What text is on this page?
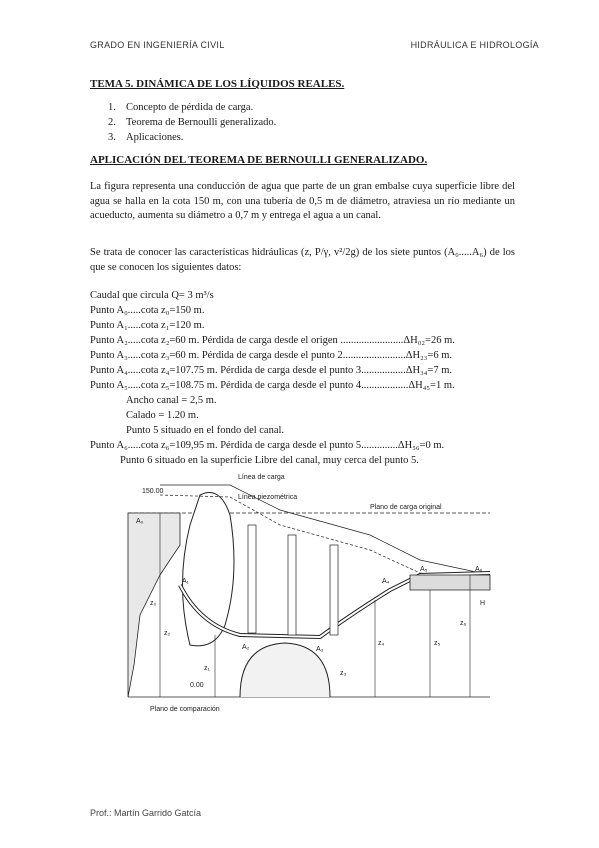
GRADO EN INGENIERÍA CIVIL	HIDRÁULICA E HIDROLOGÍA
TEMA 5. DINÁMICA DE LOS LÍQUIDOS REALES.
1. Concepto de pérdida de carga.
2. Teorema de Bernoulli generalizado.
3. Aplicaciones.
APLICACIÓN DEL TEOREMA DE BERNOULLI GENERALIZADO.
La figura representa una conducción de agua que parte de un gran embalse cuya superficie libre del agua se halla en la cota 150 m, con una tubería de 0,5 m de diámetro, atraviesa un río mediante un acueducto, aumenta su diámetro a 0,7 m y entrega el agua a un canal.
Se trata de conocer las características hidráulicas (z, P/γ, v²/2g) de los siete puntos (A₀.....A₆) de los que se conocen los siguientes datos:
Caudal que circula Q= 3 m³/s
Punto A₀.....cota z₀=150 m.
Punto A₁.....cota z₁=120 m.
Punto A₂.....cota z₂=60 m. Pérdida de carga desde el origen ........................ΔH₀₂=26 m.
Punto A₃.....cota z₃=60 m. Pérdida de carga desde el punto 2........................ΔH₂₃=6 m.
Punto A₄.....cota z₄=107.75 m. Pérdida de carga desde el punto 3.................ΔH₃₄=7 m.
Punto A₅.....cota z₅=108.75 m. Pérdida de carga desde el punto 4..................ΔH₄₅=1 m.
Ancho canal = 2,5 m.
Calado = 1.20 m.
Punto 5 situado en el fondo del canal.
Punto A₆.....cota z₆=109,95 m. Pérdida de carga desde el punto 5..............ΔH₅₆=0 m.
Punto 6 situado en la superficie Libre del canal, muy cerca del punto 5.
150.00
Línea de carga
Línea piezométrica
Plano de carga original
Plano de comparación
0.00
A₀
A₁
A₂	A₃
A₄
A₅	A₆
z₀
z₁
z₂
z₃
z₄	z₅
z₆
H
Prof.: Martín Garrido Gatcía
